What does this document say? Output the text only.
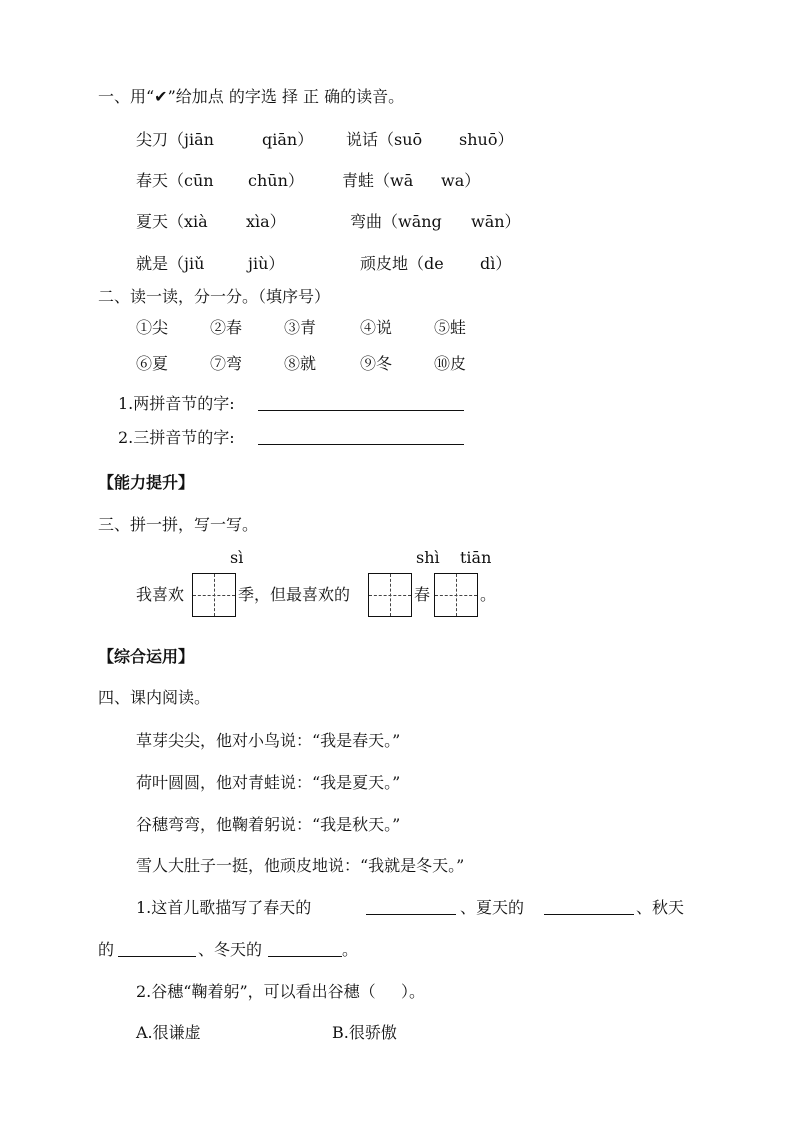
一、用“✔”给加点 的字选 择 正 确的读音。
尖刀（jiān	qiān） 说话（suō shuō）
春天（cūn chūn） 青蛙（wā wa）
夏天（xià xìa）	弯曲（wāng wān）
就是（jiǔ	jiù）	顽皮地（de dì）
二、读一读，分一分。（填序号）
①尖	②春	③青	④说	⑤蛙
⑥夏	⑦弯	⑧就	⑨冬	⑩皮
1.两拼音节的字:
2.三拼音节的字:
【能力提升】
三、拼一拼，写一写。
sì	shì tiān
我喜欢	季，但最喜欢的	春	。
【综合运用】
四、课内阅读。
草芽尖尖，他对小鸟说：“我是春天。”
荷叶圆圆，他对青蛙说：“我是夏天。”
谷穗弯弯，他鞠着躬说：“我是秋天。”
雪人大肚子一挺，他顽皮地说：“我就是冬天。”
1.这首儿歌描写了春天的	、夏天的	、秋天
的	、冬天的	。
2.谷穗“鞠着躬”，可以看出谷穗（     ）。
A.很谦虚	B.很骄傲
